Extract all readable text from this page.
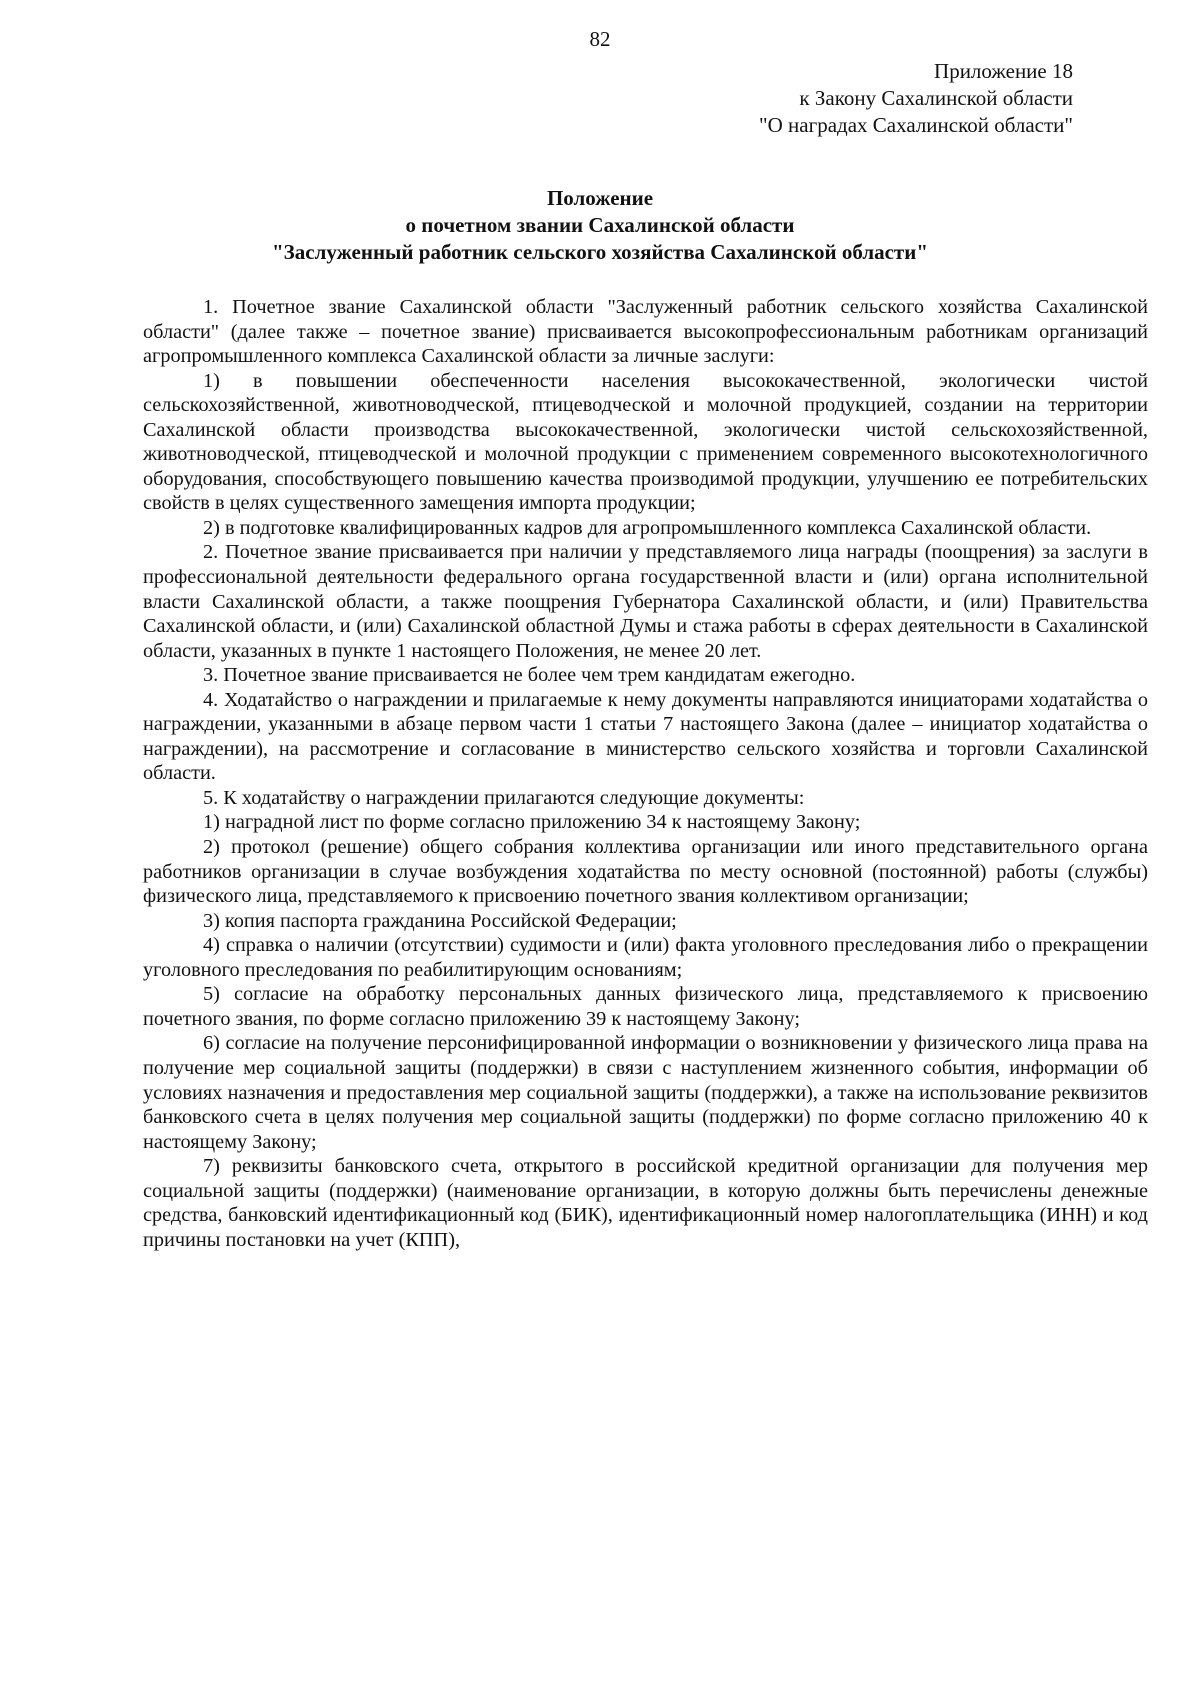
82
Приложение 18
к Закону Сахалинской области
"О наградах Сахалинской области"
Положение
о почетном звании Сахалинской области
"Заслуженный работник сельского хозяйства Сахалинской области"

1. Почетное звание Сахалинской области "Заслуженный работник сельского хозяйства Сахалинской области" (далее также – почетное звание) присваивается высокопрофессиональным работникам организаций агропромышленного комплекса Сахалинской области за личные заслуги:

1) в повышении обеспеченности населения высококачественной, экологически чистой сельскохозяйственной, животноводческой, птицеводческой и молочной продукцией, создании на территории Сахалинской области производства высококачественной, экологически чистой сельскохозяйственной, животноводческой, птицеводческой и молочной продукции с применением современного высокотехнологичного оборудования, способствующего повышению качества производимой продукции, улучшению ее потребительских свойств в целях существенного замещения импорта продукции;

2) в подготовке квалифицированных кадров для агропромышленного комплекса Сахалинской области.

2. Почетное звание присваивается при наличии у представляемого лица награды (поощрения) за заслуги в профессиональной деятельности федерального органа государственной власти и (или) органа исполнительной власти Сахалинской области, а также поощрения Губернатора Сахалинской области, и (или) Правительства Сахалинской области, и (или) Сахалинской областной Думы и стажа работы в сферах деятельности в Сахалинской области, указанных в пункте 1 настоящего Положения, не менее 20 лет.

3. Почетное звание присваивается не более чем трем кандидатам ежегодно.

4. Ходатайство о награждении и прилагаемые к нему документы направляются инициаторами ходатайства о награждении, указанными в абзаце первом части 1 статьи 7 настоящего Закона (далее – инициатор ходатайства о награждении), на рассмотрение и согласование в министерство сельского хозяйства и торговли Сахалинской области.

5. К ходатайству о награждении прилагаются следующие документы:

1) наградной лист по форме согласно приложению 34 к настоящему Закону;

2) протокол (решение) общего собрания коллектива организации или иного представительного органа работников организации в случае возбуждения ходатайства по месту основной (постоянной) работы (службы) физического лица, представляемого к присвоению почетного звания коллективом организации;

3) копия паспорта гражданина Российской Федерации;

4) справка о наличии (отсутствии) судимости и (или) факта уголовного преследования либо о прекращении уголовного преследования по реабилитирующим основаниям;

5) согласие на обработку персональных данных физического лица, представляемого к присвоению почетного звания, по форме согласно приложению 39 к настоящему Закону;

6) согласие на получение персонифицированной информации о возникновении у физического лица права на получение мер социальной защиты (поддержки) в связи с наступлением жизненного события, информации об условиях назначения и предоставления мер социальной защиты (поддержки), а также на использование реквизитов банковского счета в целях получения мер социальной защиты (поддержки) по форме согласно приложению 40 к настоящему Закону;

7) реквизиты банковского счета, открытого в российской кредитной организации для получения мер социальной защиты (поддержки) (наименование организации, в которую должны быть перечислены денежные средства, банковский идентификационный код (БИК), идентификационный номер налогоплательщика (ИНН) и код причины постановки на учет (КПП),
